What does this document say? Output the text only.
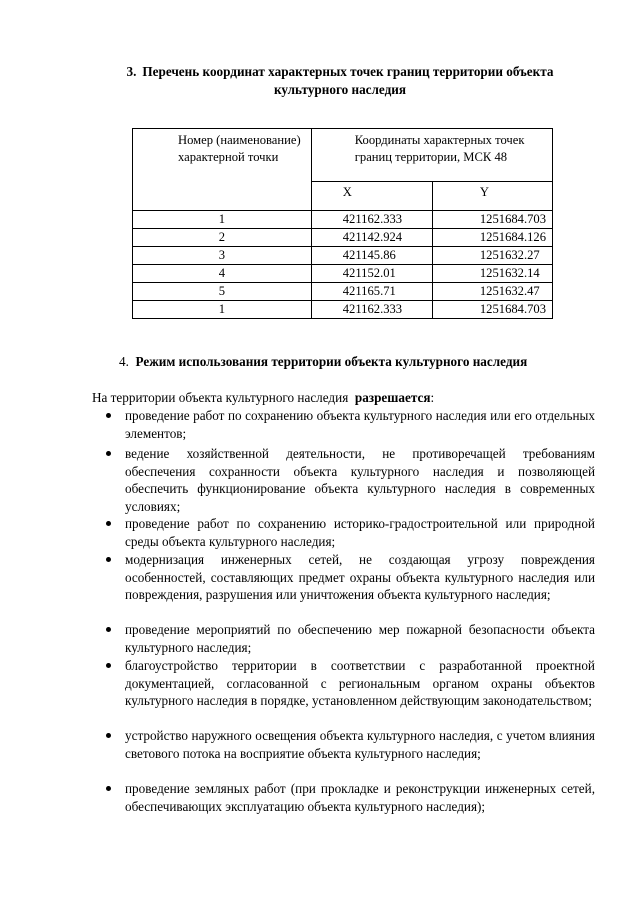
3. Перечень координат характерных точек границ территории объекта культурного наследия
Номер (наименование) характерной точки	Координаты характерных точек границ территории, МСК 48	
	X	Y
1	421162.333	1251684.703
2	421142.924	1251684.126
3	421145.86	1251632.27
4	421152.01	1251632.14
5	421165.71	1251632.47
1	421162.333	1251684.703
4. Режим использования территории объекта культурного наследия
На территории объекта культурного наследия разрешается:
проведение работ по сохранению объекта культурного наследия или его отдельных элементов;
ведение хозяйственной деятельности, не противоречащей требованиям обеспечения сохранности объекта культурного наследия и позволяющей обеспечить функционирование объекта культурного наследия в современных условиях;
проведение работ по сохранению историко-градостроительной или природной среды объекта культурного наследия;
модернизация инженерных сетей, не создающая угрозу повреждения особенностей, составляющих предмет охраны объекта культурного наследия или повреждения, разрушения или уничтожения объекта культурного наследия;
проведение мероприятий по обеспечению мер пожарной безопасности объекта культурного наследия;
благоустройство территории в соответствии с разработанной проектной документацией, согласованной с региональным органом охраны объектов культурного наследия в порядке, установленном действующим законодательством;
устройство наружного освещения объекта культурного наследия, с учетом влияния светового потока на восприятие объекта культурного наследия;
проведение земляных работ (при прокладке и реконструкции инженерных сетей, обеспечивающих эксплуатацию объекта культурного наследия);
